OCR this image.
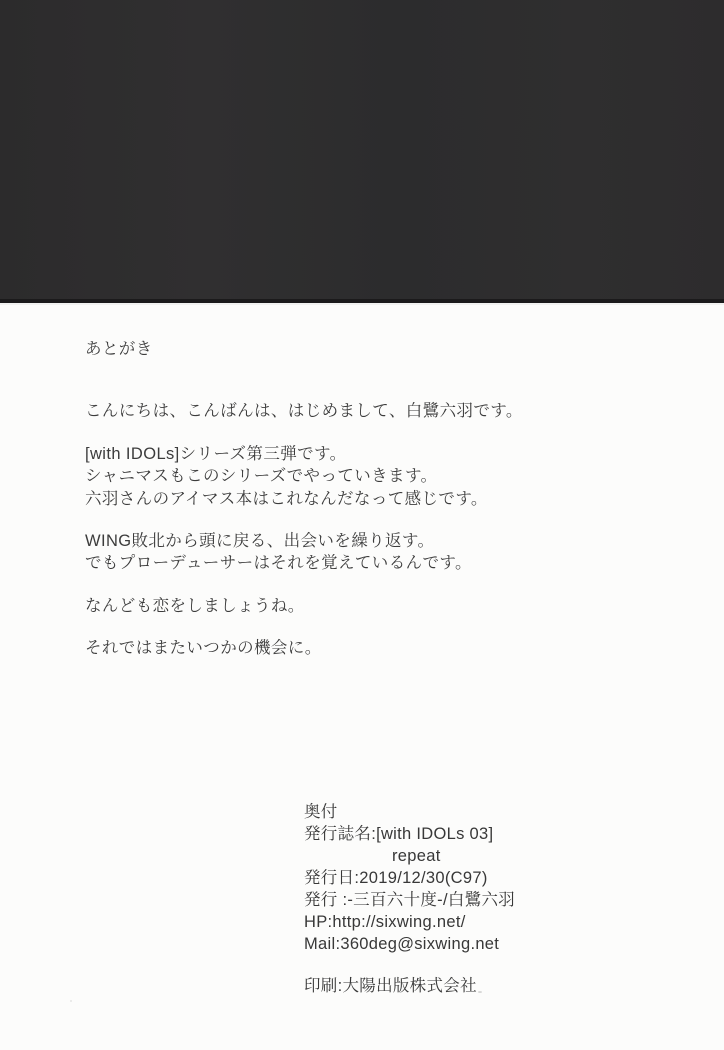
あとがき
こんにちは、こんばんは、はじめまして、白鷺六羽です。
[with IDOLs]シリーズ第三弾です。
シャニマスもこのシリーズでやっていきます。
六羽さんのアイマス本はこれなんだなって感じです。
WING敗北から頭に戻る、出会いを繰り返す。
でもプローデューサーはそれを覚えているんです。
なんども恋をしましょうね。
それではまたいつかの機会に。
奥付
発行誌名:[with IDOLs 03]
repeat
発行日:2019/12/30(C97)
発行 :-三百六十度-/白鷺六羽
HP:http://sixwing.net/
Mail:360deg@sixwing.net
印刷:大陽出版株式会社
